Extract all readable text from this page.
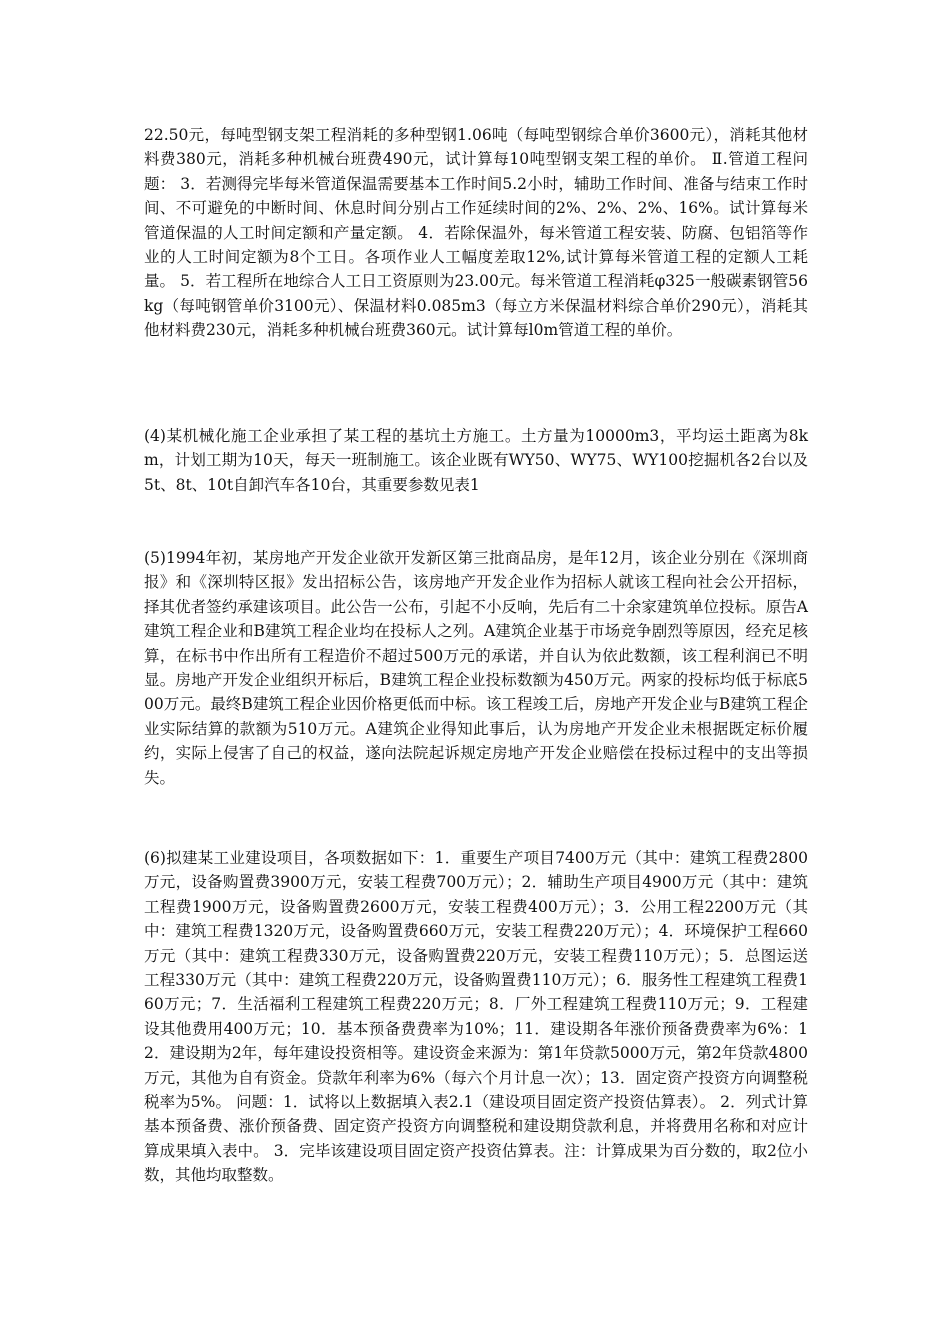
22.50元，每吨型钢支架工程消耗的多种型钢1.06吨（每吨型钢综合单价3600元），消耗其他材料费380元，消耗多种机械台班费490元，试计算每10吨型钢支架工程的单价。 Ⅱ.管道工程问题： 3．若测得完毕每米管道保温需要基本工作时间5.2小时，辅助工作时间、准备与结束工作时间、不可避免的中断时间、休息时间分别占工作延续时间的2%、2%、2%、16%。试计算每米管道保温的人工时间定额和产量定额。 4．若除保温外，每米管道工程安装、防腐、包铝箔等作业的人工时间定额为8个工日。各项作业人工幅度差取12%,试计算每米管道工程的定额人工耗量。 5．若工程所在地综合人工日工资原则为23.00元。每米管道工程消耗φ325一般碳素钢管56kg（每吨钢管单价3100元）、保温材料0.085m3（每立方米保温材料综合单价290元），消耗其他材料费230元，消耗多种机械台班费360元。试计算每l0m管道工程的单价。

(4)某机械化施工企业承担了某工程的基坑土方施工。土方量为10000m3，平均运土距离为8km，计划工期为10天，每天一班制施工。该企业既有WY50、WY75、WY100挖掘机各2台以及5t、8t、10t自卸汽车各10台，其重要参数见表1

(5)1994年初，某房地产开发企业欲开发新区第三批商品房，是年12月，该企业分别在《深圳商报》和《深圳特区报》发出招标公告，该房地产开发企业作为招标人就该工程向社会公开招标，择其优者签约承建该项目。此公告一公布，引起不小反响，先后有二十余家建筑单位投标。原告A建筑工程企业和B建筑工程企业均在投标人之列。A建筑企业基于市场竞争剧烈等原因，经充足核算，在标书中作出所有工程造价不超过500万元的承诺，并自认为依此数额，该工程利润已不明显。房地产开发企业组织开标后，B建筑工程企业投标数额为450万元。两家的投标均低于标底500万元。最终B建筑工程企业因价格更低而中标。该工程竣工后，房地产开发企业与B建筑工程企业实际结算的款额为510万元。A建筑企业得知此事后，认为房地产开发企业未根据既定标价履约，实际上侵害了自己的权益，遂向法院起诉规定房地产开发企业赔偿在投标过程中的支出等损失。

(6)拟建某工业建设项目，各项数据如下：1．重要生产项目7400万元（其中：建筑工程费2800万元，设备购置费3900万元，安装工程费700万元）；2．辅助生产项目4900万元（其中：建筑工程费1900万元，设备购置费2600万元，安装工程费400万元）；3．公用工程2200万元（其中：建筑工程费1320万元，设备购置费660万元，安装工程费220万元）；4．环境保护工程660万元（其中：建筑工程费330万元，设备购置费220万元，安装工程费110万元）；5．总图运送工程330万元（其中：建筑工程费220万元，设备购置费110万元）；6．服务性工程建筑工程费160万元；7．生活福利工程建筑工程费220万元；8．厂外工程建筑工程费110万元；9．工程建设其他费用400万元；10．基本预备费费率为10%；11．建设期各年涨价预备费费率为6%：12．建设期为2年，每年建设投资相等。建设资金来源为：第1年贷款5000万元，第2年贷款4800万元，其他为自有资金。贷款年利率为6%（每六个月计息一次）；13．固定资产投资方向调整税税率为5%。 问题：1．试将以上数据填入表2.1（建设项目固定资产投资估算表）。 2．列式计算基本预备费、涨价预备费、固定资产投资方向调整税和建设期贷款利息，并将费用名称和对应计算成果填入表中。 3．完毕该建设项目固定资产投资估算表。注：计算成果为百分数的，取2位小数，其他均取整数。
